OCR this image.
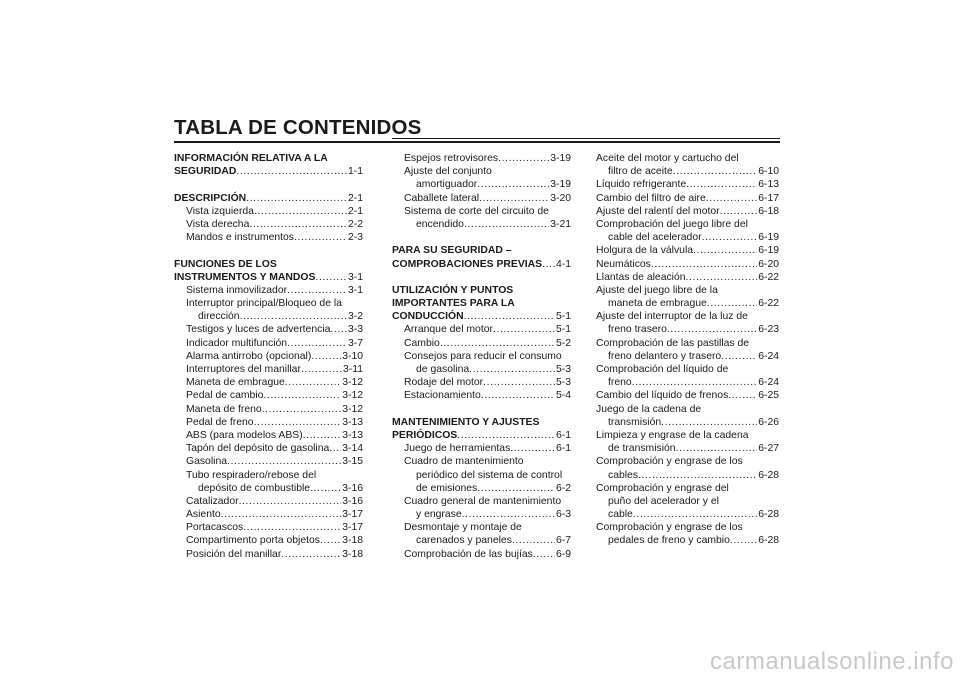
TABLA DE CONTENIDOS
INFORMACIÓN RELATIVA A LA
SEGURIDAD .....	1-1
DESCRIPCIÓN .....	2-1
Vista izquierda .....	2-1
Vista derecha .....	2-2
Mandos e instrumentos .....	2-3
FUNCIONES DE LOS
INSTRUMENTOS Y MANDOS .....	3-1
Sistema inmovilizador .....	3-1
Interruptor principal/Bloqueo de la
dirección .....	3-2
Testigos y luces de advertencia ..... 3-3
Indicador multifunción .....	3-7
Alarma antirrobo (opcional) .....	3-10
Interruptores del manillar .....	3-11
Maneta de embrague .....	3-12
Pedal de cambio .....	3-12
Maneta de freno .....	3-12
Pedal de freno .....	3-13
ABS (para modelos ABS) .....	3-13
Tapón del depósito de gasolina ..... 3-14
Gasolina .....	3-15
Tubo respiradero/rebose del
depósito de combustible .....	3-16
Catalizador .....	3-16
Asiento .....	3-17
Portacascos .....	3-17
Compartimento porta objetos ..... 3-18
Posición del manillar .....	3-18
Espejos retrovisores .....	3-19
Ajuste del conjunto
amortiguador .....	3-19
Caballete lateral .....	3-20
Sistema de corte del circuito de
encendido .....	3-21
PARA SU SEGURIDAD –
COMPROBACIONES PREVIAS ..... 4-1
UTILIZACIÓN Y PUNTOS
IMPORTANTES PARA LA
CONDUCCIÓN .....	5-1
Arranque del motor .....	5-1
Cambio .....	5-2
Consejos para reducir el consumo
de gasolina .....	5-3
Rodaje del motor .....	5-3
Estacionamiento .....	5-4
MANTENIMIENTO Y AJUSTES
PERIÓDICOS .....	6-1
Juego de herramientas .....	6-1
Cuadro de mantenimiento
periódico del sistema de control
de emisiones .....	6-2
Cuadro general de mantenimiento
y engrase .....	6-3
Desmontaje y montaje de
carenados y paneles .....	6-7
Comprobación de las bujías ..... 6-9
Aceite del motor y cartucho del
filtro de aceite .....	6-10
Líquido refrigerante .....	6-13
Cambio del filtro de aire .....	6-17
Ajuste del ralentí del motor .....	6-18
Comprobación del juego libre del
cable del acelerador .....	6-19
Holgura de la válvula .....	6-19
Neumáticos .....	6-20
Llantas de aleación .....	6-22
Ajuste del juego libre de la
maneta de embrague .....	6-22
Ajuste del interruptor de la luz de
freno trasero .....	6-23
Comprobación de las pastillas de
freno delantero y trasero .....	6-24
Comprobación del líquido de
freno .....	6-24
Cambio del líquido de frenos .....	6-25
Juego de la cadena de
transmisión .....	6-26
Limpieza y engrase de la cadena
de transmisión .....	6-27
Comprobación y engrase de los
cables .....	6-28
Comprobación y engrase del
puño del acelerador y el
cable .....	6-28
Comprobación y engrase de los
pedales de freno y cambio .....	6-28
carmanualsonline.info
